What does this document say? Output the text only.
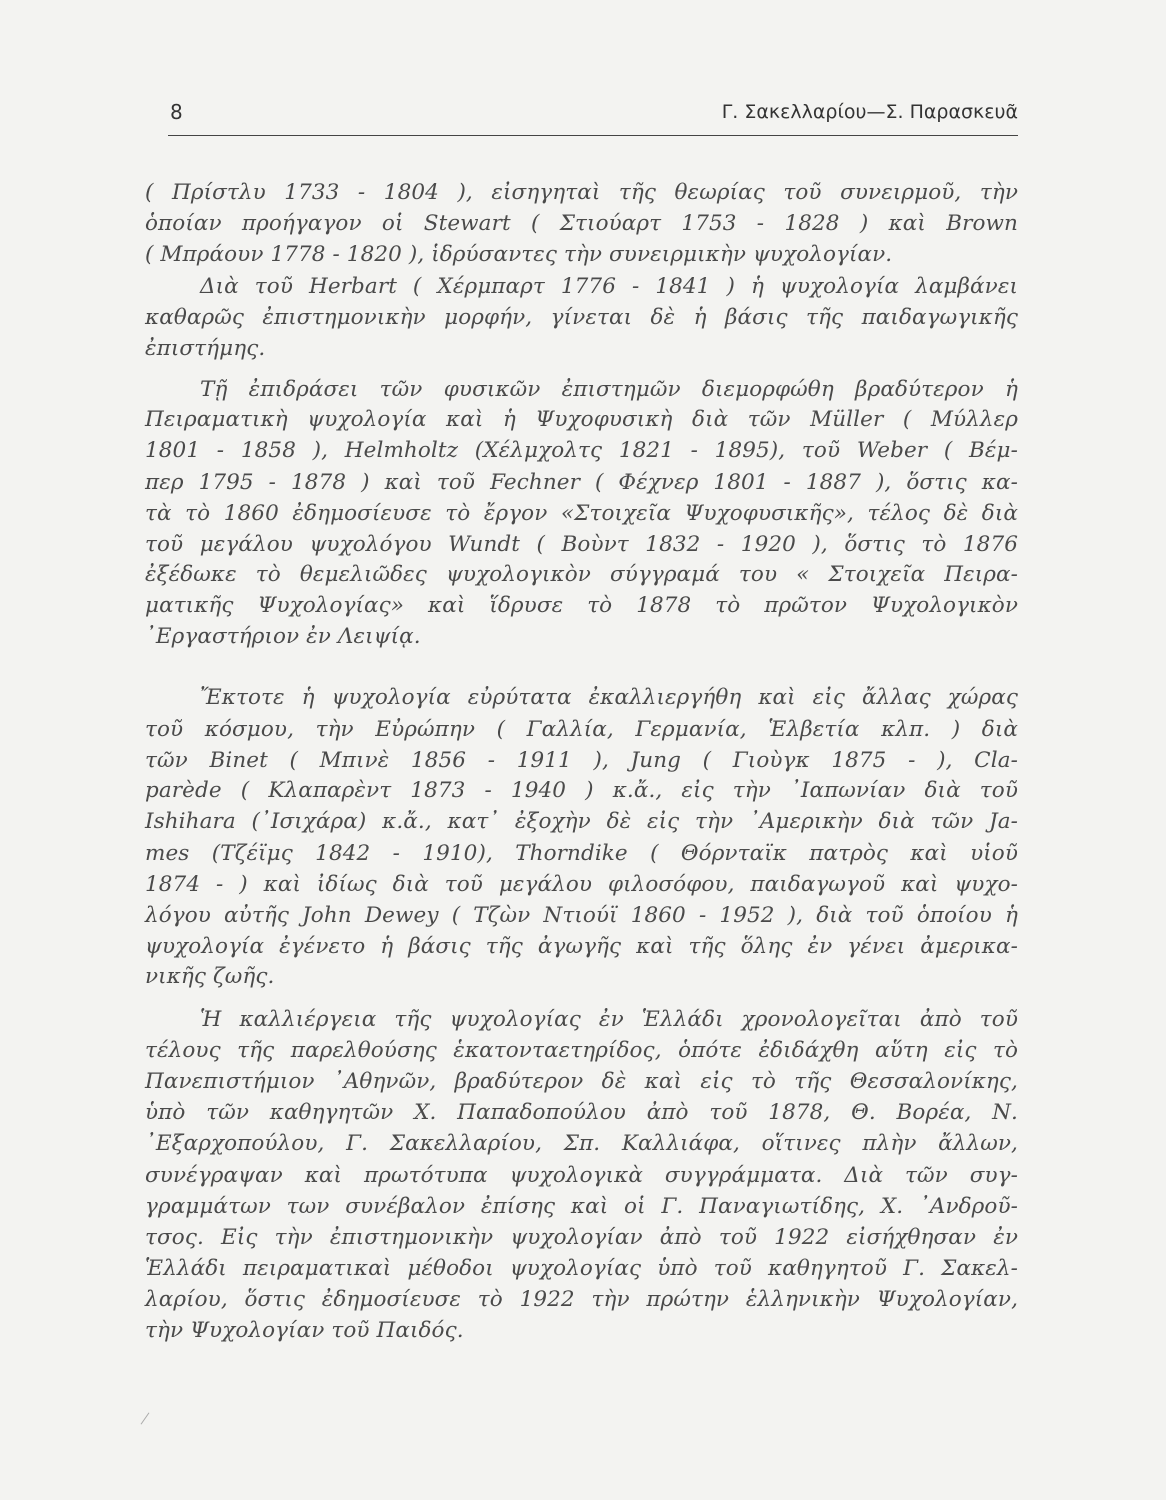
8	Γ. Σακελλαρίου—Σ. Παρασκευᾶ
( Πρίστλυ 1733 - 1804 ), εἰσηγηταὶ τῆς θεωρίας τοῦ συνειρμοῦ, τὴν
ὁποίαν προήγαγον οἱ Stewart ( Στιούαρτ 1753 - 1828 ) καὶ Brown
( Μπράουν 1778 - 1820 ), ἱδρύσαντες τὴν συνειρμικὴν ψυχολογίαν.
Διὰ τοῦ Herbart ( Χέρμπαρτ 1776 - 1841 ) ἡ ψυχολογία λαμβάνει
καθαρῶς ἐπιστημονικὴν μορφήν, γίνεται δὲ ἡ βάσις τῆς παιδαγωγικῆς
ἐπιστήμης.
Τῇ ἐπιδράσει τῶν φυσικῶν ἐπιστημῶν διεμορφώθη βραδύτερον ἡ
Πειραματικὴ ψυχολογία καὶ ἡ Ψυχοφυσικὴ διὰ τῶν Müller ( Μύλλερ
1801 - 1858 ), Helmholtz (Χέλμχολτς 1821 - 1895), τοῦ Weber ( Βέμ-
περ 1795 - 1878 ) καὶ τοῦ Fechner ( Φέχνερ 1801 - 1887 ), ὅστις κα-
τὰ τὸ 1860 ἐδημοσίευσε τὸ ἔργον «Στοιχεῖα Ψυχοφυσικῆς», τέλος δὲ διὰ
τοῦ μεγάλου ψυχολόγου Wundt ( Βοὺντ 1832 - 1920 ), ὅστις τὸ 1876
ἐξέδωκε τὸ θεμελιῶδες ψυχολογικὸν σύγγραμά του « Στοιχεῖα Πειρα-
ματικῆς Ψυχολογίας» καὶ ἵδρυσε τὸ 1878 τὸ πρῶτον Ψυχολογικὸν
᾿Εργαστήριον ἐν Λειψίᾳ.
Ἔκτοτε ἡ ψυχολογία εὐρύτατα ἐκαλλιεργήθη καὶ εἰς ἄλλας χώρας
τοῦ κόσμου, τὴν Εὐρώπην ( Γαλλία, Γερμανία, Ἑλβετία κλπ. ) διὰ
τῶν Binet ( Μπινὲ 1856 - 1911 ), Jung ( Γιοὺγκ 1875 - ), Cla-
parède ( Κλαπαρὲντ 1873 - 1940 ) κ.ἄ., εἰς τὴν ᾿Ιαπωνίαν διὰ τοῦ
Ishihara (᾿Ισιχάρα) κ.ἄ., κατ᾿ ἐξοχὴν δὲ εἰς τὴν ᾿Αμερικὴν διὰ τῶν Ja-
mes (Τζέϊμς 1842 - 1910), Thorndike ( Θόρνταϊκ πατρὸς καὶ υἱοῦ
1874 - ) καὶ ἰδίως διὰ τοῦ μεγάλου φιλοσόφου, παιδαγωγοῦ καὶ ψυχο-
λόγου αὐτῆς John Dewey ( Τζὼν Ντιούϊ 1860 - 1952 ), διὰ τοῦ ὁποίου ἡ
ψυχολογία ἐγένετο ἡ βάσις τῆς ἀγωγῆς καὶ τῆς ὅλης ἐν γένει ἀμερικα-
νικῆς ζωῆς.
Ἡ καλλιέργεια τῆς ψυχολογίας ἐν Ἑλλάδι χρονολογεῖται ἀπὸ τοῦ
τέλους τῆς παρελθούσης ἑκατονταετηρίδος, ὁπότε ἐδιδάχθη αὕτη εἰς τὸ
Πανεπιστήμιον ᾿Αθηνῶν, βραδύτερον δὲ καὶ εἰς τὸ τῆς Θεσσαλονίκης,
ὑπὸ τῶν καθηγητῶν Χ. Παπαδοπούλου ἀπὸ τοῦ 1878, Θ. Βορέα, Ν.
᾿Εξαρχοπούλου, Γ. Σακελλαρίου, Σπ. Καλλιάφα, οἵτινες πλὴν ἄλλων,
συνέγραψαν καὶ πρωτότυπα ψυχολογικὰ συγγράμματα. Διὰ τῶν συγ-
γραμμάτων των συνέβαλον ἐπίσης καὶ οἱ Γ. Παναγιωτίδης, Χ. ᾿Ανδροῦ-
τσος. Εἰς τὴν ἐπιστημονικὴν ψυχολογίαν ἀπὸ τοῦ 1922 εἰσήχθησαν ἐν
Ἑλλάδι πειραματικαὶ μέθοδοι ψυχολογίας ὑπὸ τοῦ καθηγητοῦ Γ. Σακελ-
λαρίου, ὅστις ἐδημοσίευσε τὸ 1922 τὴν πρώτην ἑλληνικὴν Ψυχολογίαν,
τὴν Ψυχολογίαν τοῦ Παιδός.
